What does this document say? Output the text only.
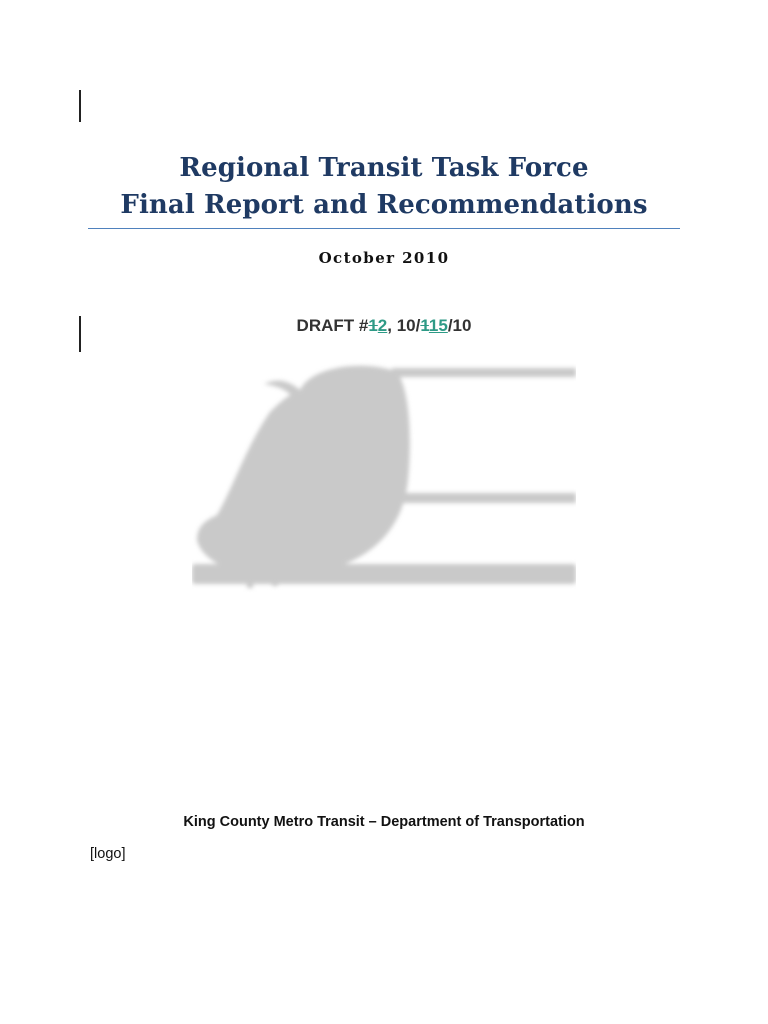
Regional Transit Task Force
Final Report and Recommendations
October 2010
DRAFT #12, 10/115/10
King County Metro Transit – Department of Transportation
[logo]
